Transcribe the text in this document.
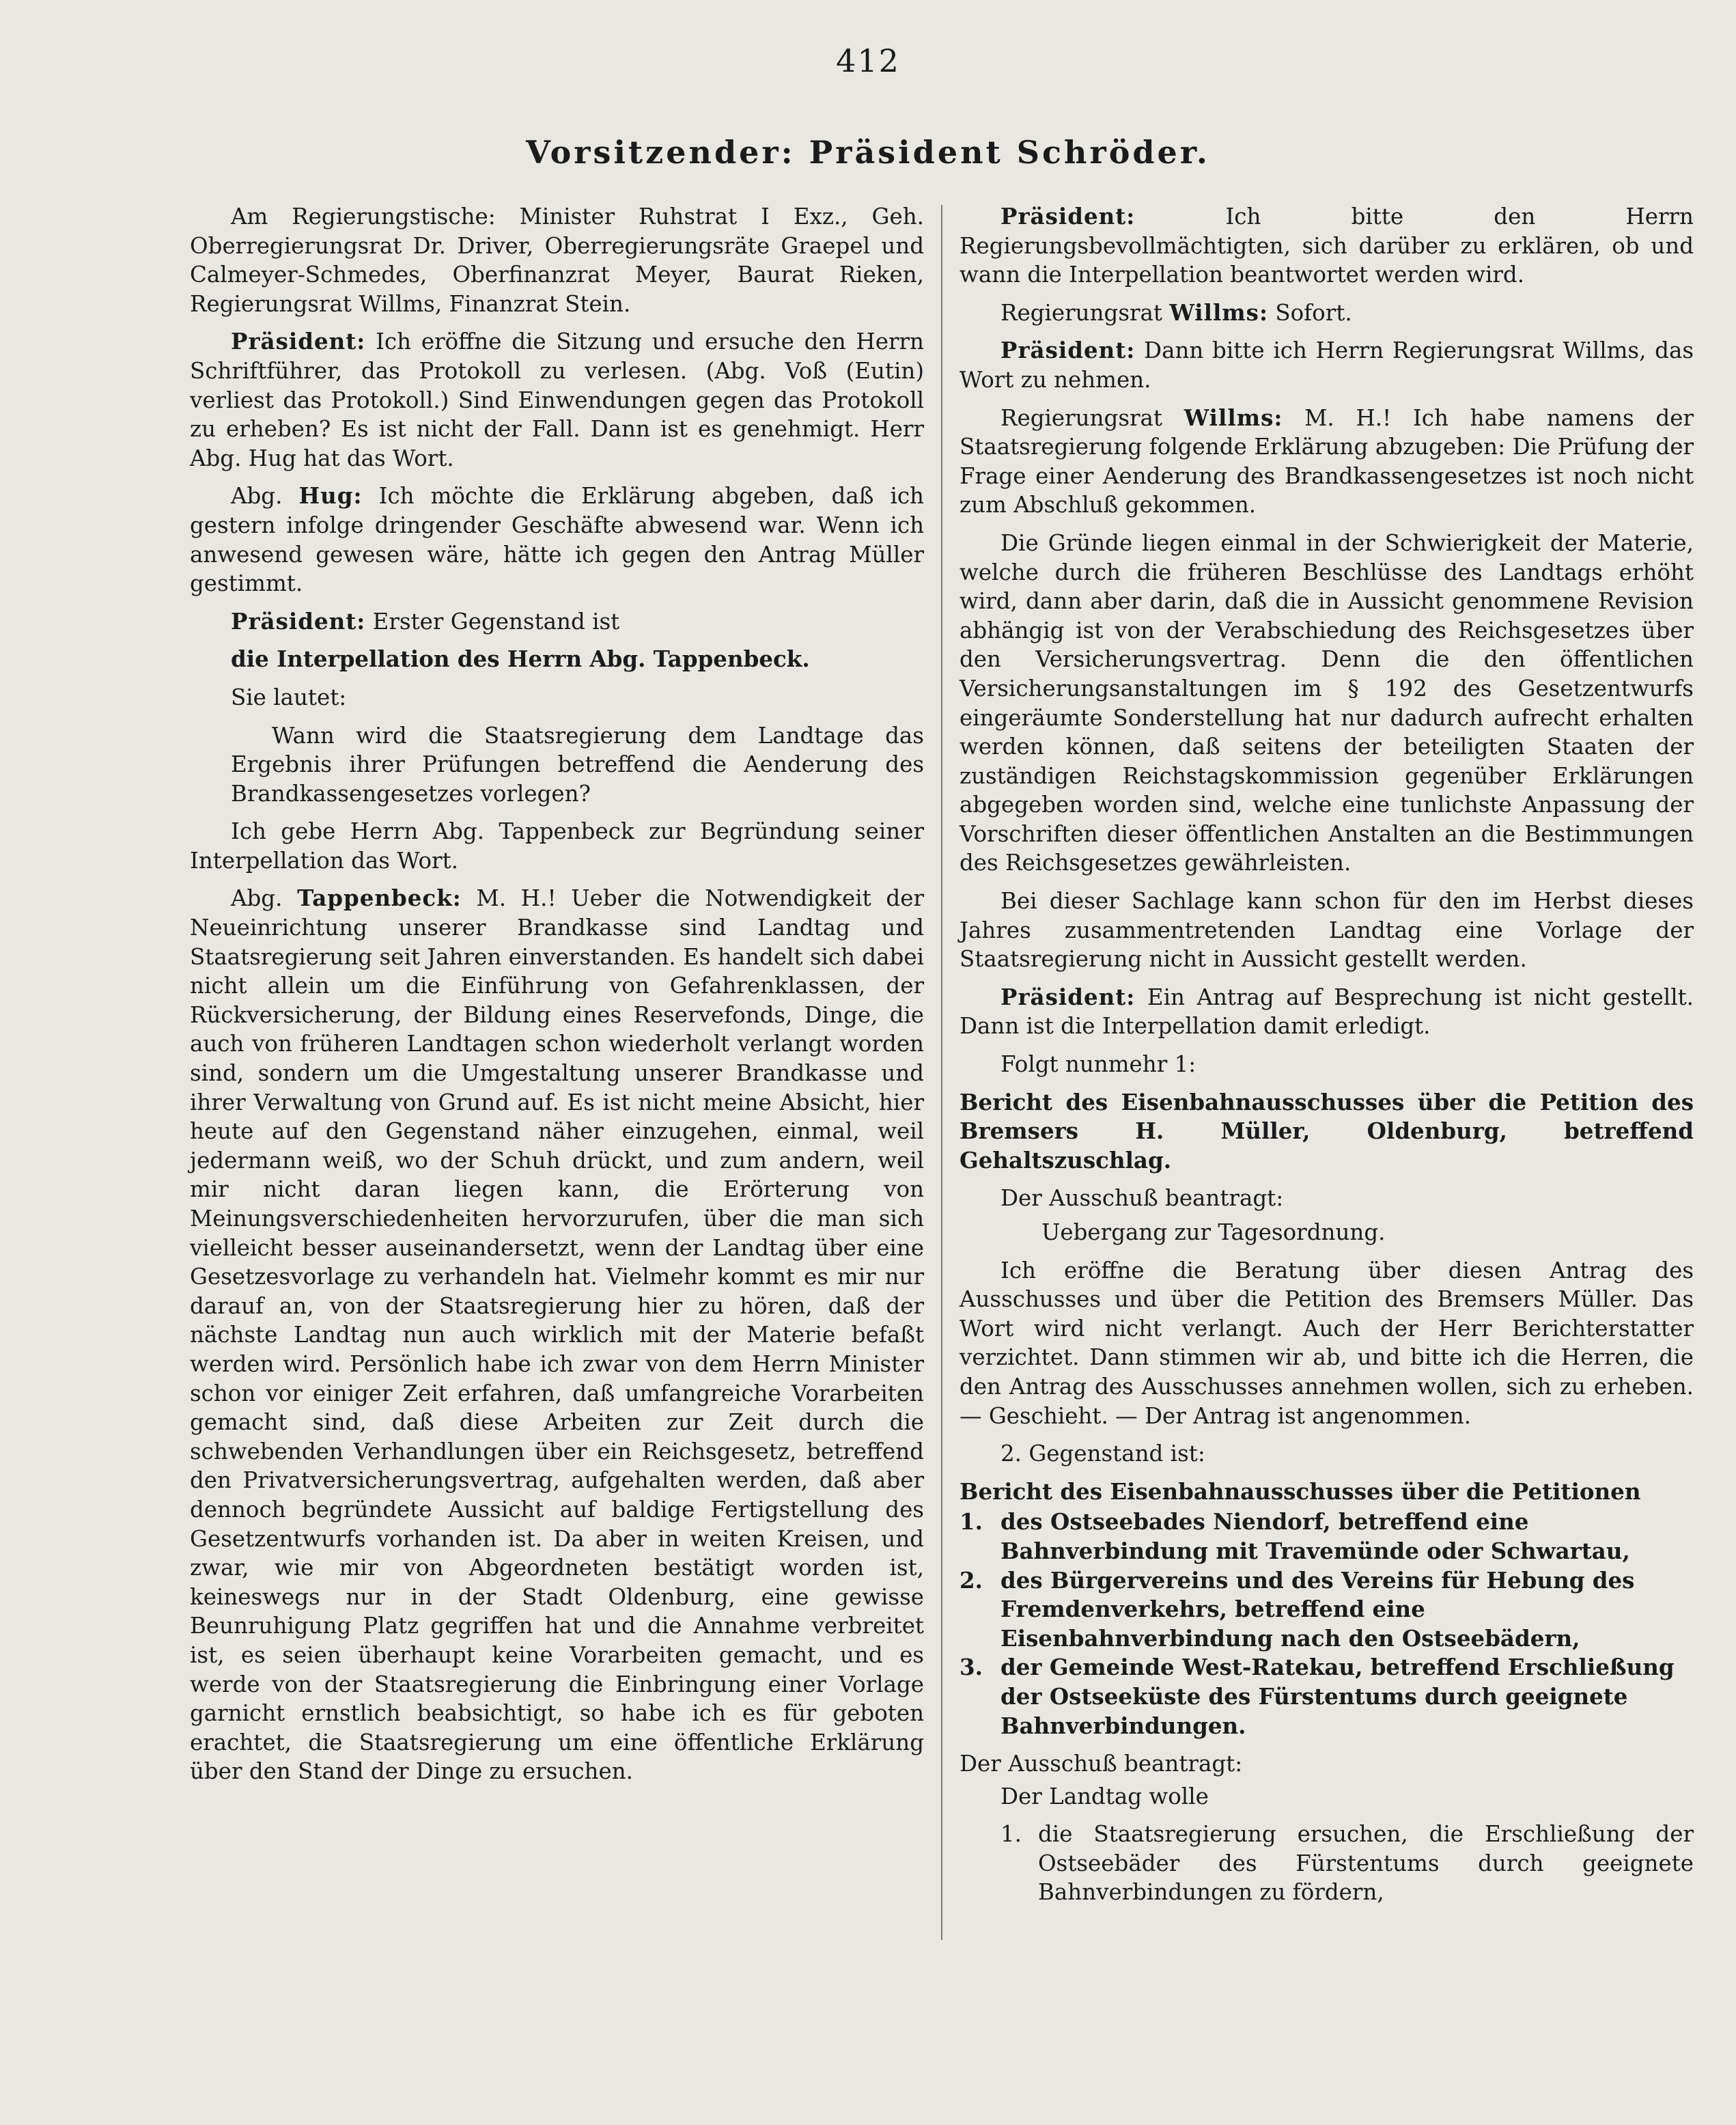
412
Vorsitzender: Präsident Schröder.

Am Regierungstische: Minister Ruhstrat I Exz., Geh. Oberregierungsrat Dr. Driver, Oberregierungsräte Graepel und Calmeyer-Schmedes, Oberfinanzrat Meyer, Baurat Rieken, Regierungsrat Willms, Finanzrat Stein.

Präsident: Ich eröffne die Sitzung und ersuche den Herrn Schriftführer, das Protokoll zu verlesen. (Abg. Voß (Eutin) verliest das Protokoll.) Sind Einwendungen gegen das Protokoll zu erheben? Es ist nicht der Fall. Dann ist es genehmigt. Herr Abg. Hug hat das Wort.

Abg. Hug: Ich möchte die Erklärung abgeben, daß ich gestern infolge dringender Geschäfte abwesend war. Wenn ich anwesend gewesen wäre, hätte ich gegen den Antrag Müller gestimmt.

Präsident: Erster Gegenstand ist

die Interpellation des Herrn Abg. Tappenbeck.

Sie lautet:

Wann wird die Staatsregierung dem Landtage das Ergebnis ihrer Prüfungen betreffend die Aenderung des Brandkassengesetzes vorlegen?

Ich gebe Herrn Abg. Tappenbeck zur Begründung seiner Interpellation das Wort.

Abg. Tappenbeck: M. H.! Ueber die Notwendigkeit der Neueinrichtung unserer Brandkasse sind Landtag und Staatsregierung seit Jahren einverstanden. Es handelt sich dabei nicht allein um die Einführung von Gefahrenklassen, der Rückversicherung, der Bildung eines Reservefonds, Dinge, die auch von früheren Landtagen schon wiederholt verlangt worden sind, sondern um die Umgestaltung unserer Brandkasse und ihrer Verwaltung von Grund auf. Es ist nicht meine Absicht, hier heute auf den Gegenstand näher einzugehen, einmal, weil jedermann weiß, wo der Schuh drückt, und zum andern, weil mir nicht daran liegen kann, die Erörterung von Meinungsverschiedenheiten hervorzurufen, über die man sich vielleicht besser auseinandersetzt, wenn der Landtag über eine Gesetzesvorlage zu verhandeln hat. Vielmehr kommt es mir nur darauf an, von der Staatsregierung hier zu hören, daß der nächste Landtag nun auch wirklich mit der Materie befaßt werden wird. Persönlich habe ich zwar von dem Herrn Minister schon vor einiger Zeit erfahren, daß umfangreiche Vorarbeiten gemacht sind, daß diese Arbeiten zur Zeit durch die schwebenden Verhandlungen über ein Reichsgesetz, betreffend den Privatversicherungsvertrag, aufgehalten werden, daß aber dennoch begründete Aussicht auf baldige Fertigstellung des Gesetzentwurfs vorhanden ist. Da aber in weiten Kreisen, und zwar, wie mir von Abgeordneten bestätigt worden ist, keineswegs nur in der Stadt Oldenburg, eine gewisse Beunruhigung Platz gegriffen hat und die Annahme verbreitet ist, es seien überhaupt keine Vorarbeiten gemacht, und es werde von der Staatsregierung die Einbringung einer Vorlage garnicht ernstlich beabsichtigt, so habe ich es für geboten erachtet, die Staatsregierung um eine öffentliche Erklärung über den Stand der Dinge zu ersuchen.

Präsident: Ich bitte den Herrn Regierungsbevollmächtigten, sich darüber zu erklären, ob und wann die Interpellation beantwortet werden wird.

Regierungsrat Willms: Sofort.

Präsident: Dann bitte ich Herrn Regierungsrat Willms, das Wort zu nehmen.

Regierungsrat Willms: M. H.! Ich habe namens der Staatsregierung folgende Erklärung abzugeben: Die Prüfung der Frage einer Aenderung des Brandkassengesetzes ist noch nicht zum Abschluß gekommen.

Die Gründe liegen einmal in der Schwierigkeit der Materie, welche durch die früheren Beschlüsse des Landtags erhöht wird, dann aber darin, daß die in Aussicht genommene Revision abhängig ist von der Verabschiedung des Reichsgesetzes über den Versicherungsvertrag. Denn die den öffentlichen Versicherungsanstaltungen im § 192 des Gesetzentwurfs eingeräumte Sonderstellung hat nur dadurch aufrecht erhalten werden können, daß seitens der beteiligten Staaten der zuständigen Reichstagskommission gegenüber Erklärungen abgegeben worden sind, welche eine tunlichste Anpassung der Vorschriften dieser öffentlichen Anstalten an die Bestimmungen des Reichsgesetzes gewährleisten.

Bei dieser Sachlage kann schon für den im Herbst dieses Jahres zusammentretenden Landtag eine Vorlage der Staatsregierung nicht in Aussicht gestellt werden.

Präsident: Ein Antrag auf Besprechung ist nicht gestellt. Dann ist die Interpellation damit erledigt.

Folgt nunmehr 1:

Bericht des Eisenbahnausschusses über die Petition des Bremsers H. Müller, Oldenburg, betreffend Gehaltszuschlag.

Der Ausschuß beantragt:

Uebergang zur Tagesordnung.

Ich eröffne die Beratung über diesen Antrag des Ausschusses und über die Petition des Bremsers Müller. Das Wort wird nicht verlangt. Auch der Herr Berichterstatter verzichtet. Dann stimmen wir ab, und bitte ich die Herren, die den Antrag des Ausschusses annehmen wollen, sich zu erheben. — Geschieht. — Der Antrag ist angenommen.

2. Gegenstand ist:

Bericht des Eisenbahnausschusses über die Petitionen

1. des Ostseebades Niendorf, betreffend eine Bahnverbindung mit Travemünde oder Schwartau,
2. des Bürgervereins und des Vereins für Hebung des Fremdenverkehrs, betreffend eine Eisenbahnverbindung nach den Ostseebädern,
3. der Gemeinde West-Ratekau, betreffend Erschließung der Ostseeküste des Fürstentums durch geeignete Bahnverbindungen.

Der Ausschuß beantragt:

Der Landtag wolle

1. die Staatsregierung ersuchen, die Erschließung der Ostseebäder des Fürstentums durch geeignete Bahnverbindungen zu fördern,
